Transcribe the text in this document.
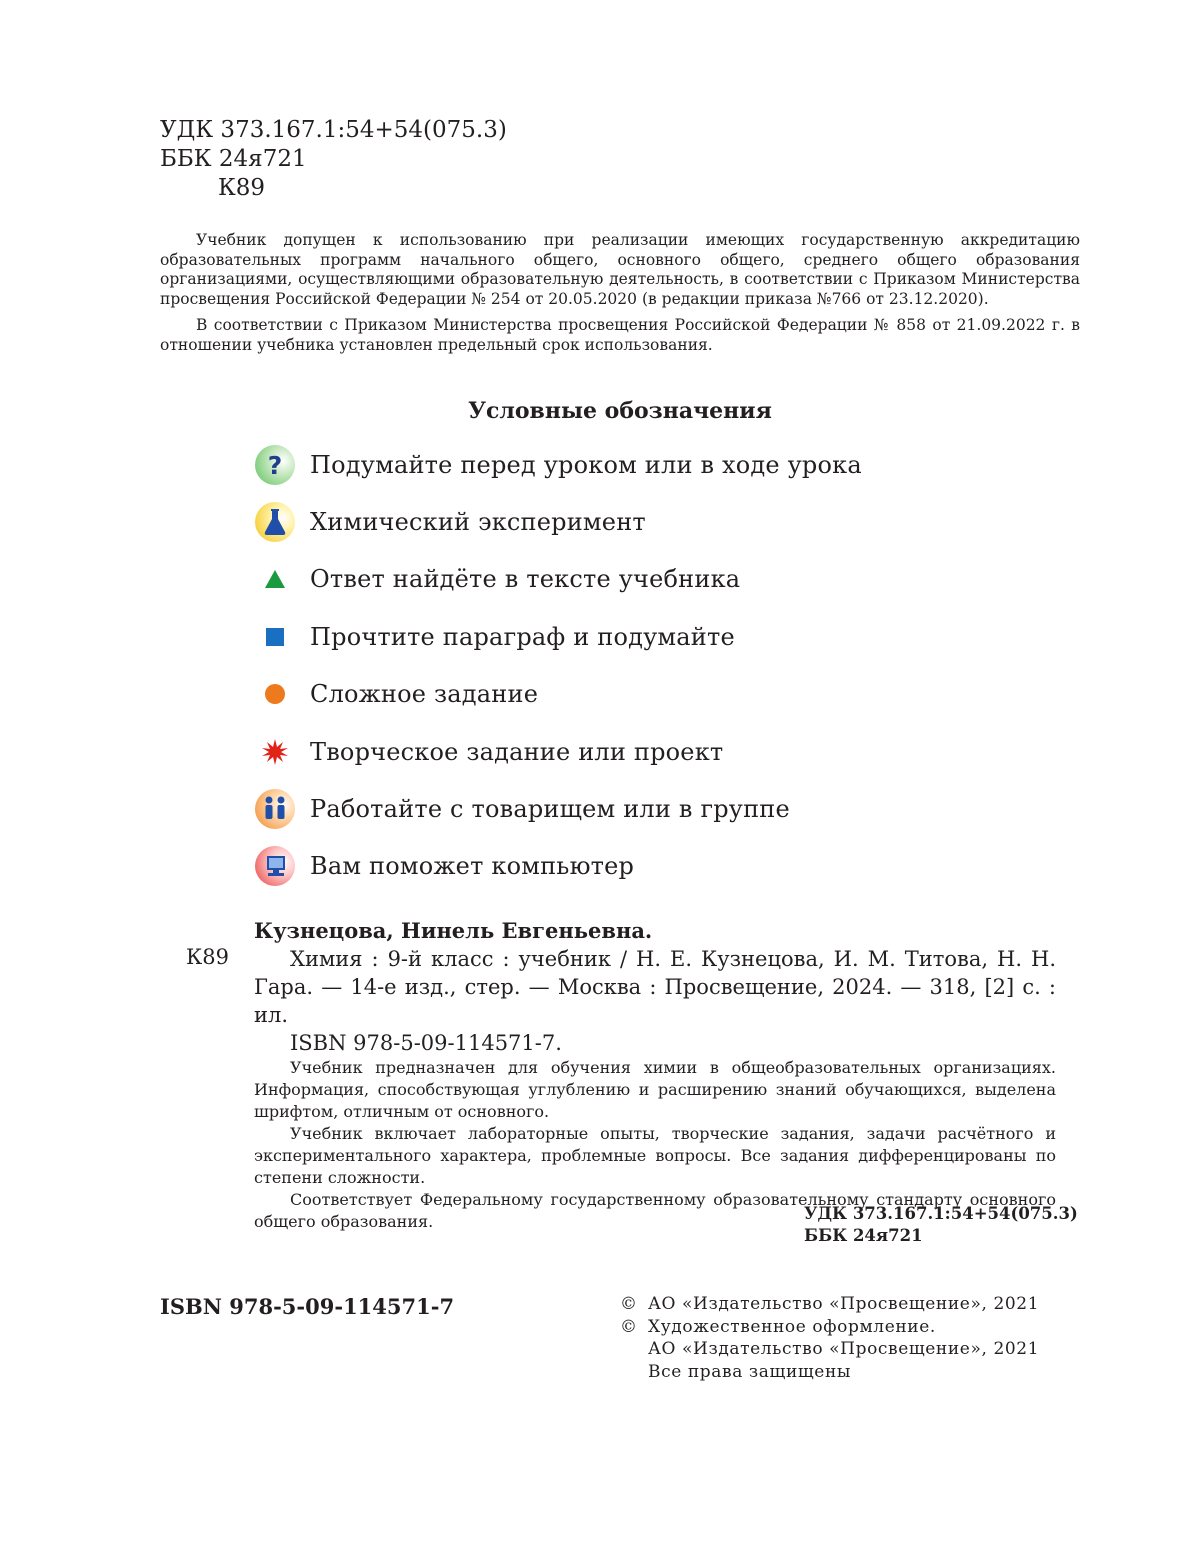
УДК 373.167.1:54+54(075.3)
ББК 24я721
К89

Учебник допущен к использованию при реализации имеющих государственную аккредитацию образовательных программ начального общего, основного общего, среднего общего образования организациями, осуществляющими образовательную деятельность, в соответствии с Приказом Министерства просвещения Российской Федерации № 254 от 20.05.2020 (в редакции приказа №766 от 23.12.2020).

В соответствии с Приказом Министерства просвещения Российской Федерации № 858 от 21.09.2022 г. в отношении учебника установлен предельный срок использования.

Условные обозначения
? Подумайте перед уроком или в ходе урока
Химический эксперимент
Ответ найдёте в тексте учебника
Прочтите параграф и подумайте
Сложное задание
Творческое задание или проект
Работайте с товарищем или в группе
Вам поможет компьютер
К89
Кузнецова, Нинель Евгеньевна.
Химия : 9-й класс : учебник / Н. Е. Кузнецова, И. М. Титова, Н. Н. Гара. — 14-е изд., стер. — Москва : Просвещение, 2024. — 318, [2] с. : ил.
ISBN 978-5-09-114571-7.

Учебник предназначен для обучения химии в общеобразовательных организациях. Информация, способствующая углублению и расширению знаний обучающихся, выделена шрифтом, отличным от основного.

Учебник включает лабораторные опыты, творческие задания, задачи расчётного и экспериментального характера, проблемные вопросы. Все задания дифференцированы по степени сложности.

Соответствует Федеральному государственному образовательному стандарту основного общего образования.	УДК 373.167.1:54+54(075.3)
ББК 24я721
ISBN 978-5-09-114571-7	© АО «Издательство «Просвещение», 2021
© Художественное оформление.
АО «Издательство «Просвещение», 2021
Все права защищены
